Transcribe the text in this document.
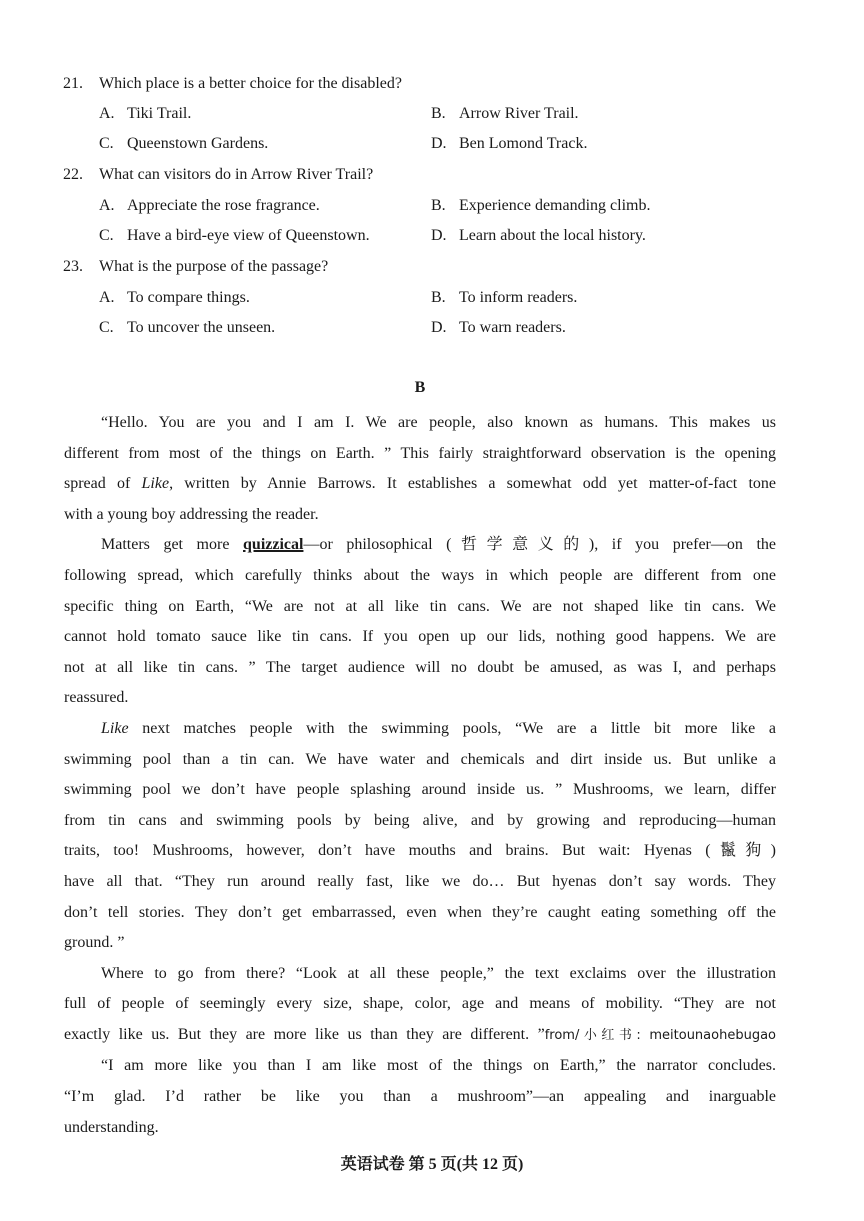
21. Which place is a better choice for the disabled?
A. Tiki Trail.	B. Arrow River Trail.
C. Queenstown Gardens.	D. Ben Lomond Track.
22. What can visitors do in Arrow River Trail?
A. Appreciate the rose fragrance.	B. Experience demanding climb.
C. Have a bird-eye view of Queenstown.	D. Learn about the local history.
23. What is the purpose of the passage?
A. To compare things.	B. To inform readers.
C. To uncover the unseen.	D. To warn readers.
B

“Hello. You are you and I am I. We are people, also known as humans. This makes us
different from most of the things on Earth. ” This fairly straightforward observation is the opening
spread of Like, written by Annie Barrows. It establishes a somewhat odd yet matter-of-fact tone
with a young boy addressing the reader.

Matters get more quizzical—or philosophical (哲学意义的), if you prefer—on the
following spread, which carefully thinks about the ways in which people are different from one
specific thing on Earth, “We are not at all like tin cans. We are not shaped like tin cans. We
cannot hold tomato sauce like tin cans. If you open up our lids, nothing good happens. We are
not at all like tin cans. ” The target audience will no doubt be amused, as was I, and perhaps
reassured.

Like next matches people with the swimming pools, “We are a little bit more like a
swimming pool than a tin can. We have water and chemicals and dirt inside us. But unlike a
swimming pool we don’t have people splashing around inside us. ” Mushrooms, we learn, differ
from tin cans and swimming pools by being alive, and by growing and reproducing—human
traits, too! Mushrooms, however, don’t have mouths and brains. But wait: Hyenas (鬣狗)
have all that. “They run around really fast, like we do… But hyenas don’t say words. They
don’t tell stories. They don’t get embarrassed, even when they’re caught eating something off the
ground. ”

Where to go from there? “Look at all these people,” the text exclaims over the illustration
full of people of seemingly every size, shape, color, age and means of mobility. “They are not
exactly like us. But they are more like us than they are different. ”from/小红书: meitounaohebugao

“I am more like you than I am like most of the things on Earth,” the narrator concludes.
“I’m glad. I’d rather be like you than a mushroom”—an appealing and inarguable
understanding.

英语试卷 第 5 页(共 12 页)
